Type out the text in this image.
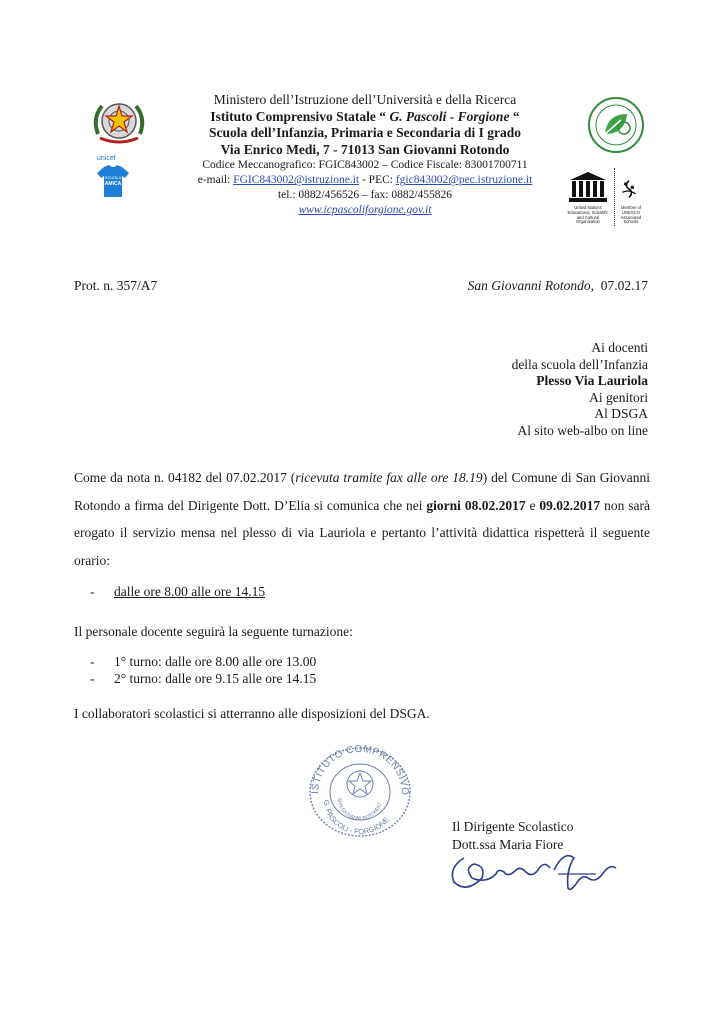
unicef
SCUOLA
AMICA
Ministero dell’Istruzione dell’Università e della Ricerca
Istituto Comprensivo Statale “ G. Pascoli - Forgione “
Scuola dell’Infanzia, Primaria e Secondaria di I grado
Via Enrico Medi, 7 - 71013 San Giovanni Rotondo
Codice Meccanografico: FGIC843002 – Codice Fiscale: 83001700711
e-mail: FGIC843002@istruzione.it - PEC: fgic843002@pec.istruzione.it
tel.: 0882/456526 – fax: 0882/455826
www.icpascoliforgione.gov.it	United Nations Educational, Scientific and Cultural Organization
Member of UNESCO Associated Schools
Prot. n. 357/A7	San Giovanni Rotondo, 07.02.17
Ai docenti
della scuola dell’Infanzia
Plesso Via Lauriola
Ai genitori
Al DSGA
Al sito web-albo on line
Come da nota n. 04182 del 07.02.2017 (ricevuta tramite fax alle ore 18.19) del Comune di San Giovanni Rotondo a firma del Dirigente Dott. D’Elia si comunica che nei giorni 08.02.2017 e 09.02.2017 non sarà erogato il servizio mensa nel plesso di via Lauriola e pertanto l’attività didattica rispetterà il seguente orario:
- dalle ore 8.00 alle ore 14.15
Il personale docente seguirà la seguente turnazione:
- 1° turno: dalle ore 8.00 alle ore 13.00
- 2° turno: dalle ore 9.15 alle ore 14.15
I collaboratori scolastici si atterranno alle disposizioni del DSGA.
ISTITUTO COMPRENSIVO
G. PASCOLI - FORGIONE
SAN GIOVANNI ROTONDO
Il Dirigente Scolastico
Dott.ssa Maria Fiore
